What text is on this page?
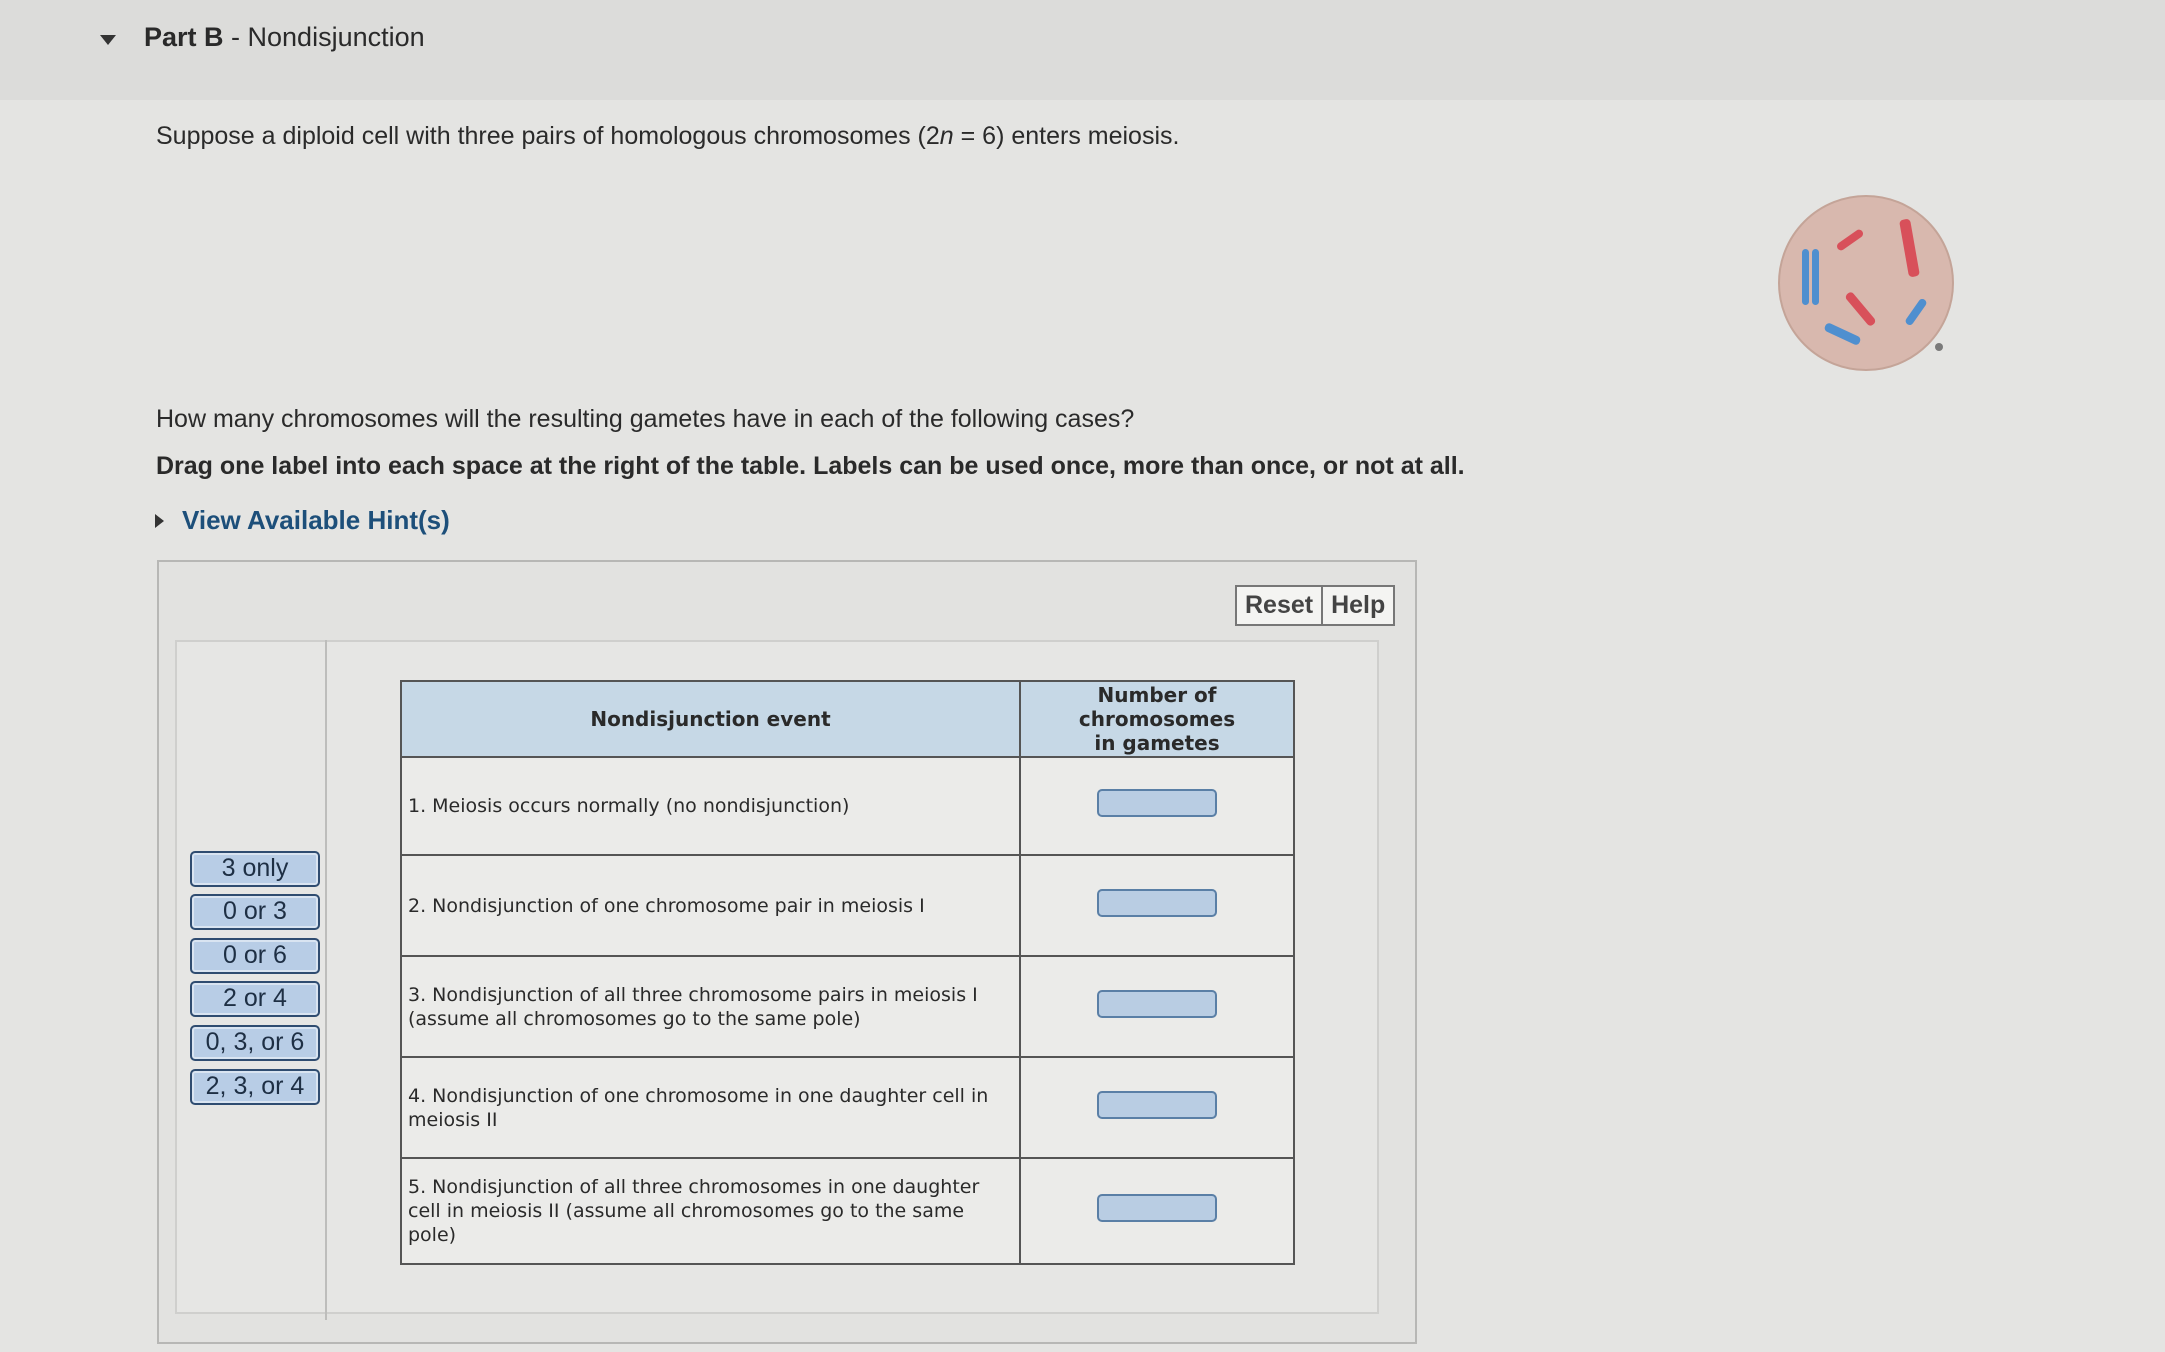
Part B - Nondisjunction
Suppose a diploid cell with three pairs of homologous chromosomes (2n = 6) enters meiosis.
How many chromosomes will the resulting gametes have in each of the following cases?
Drag one label into each space at the right of the table. Labels can be used once, more than once, or not at all.
View Available Hint(s)
Reset Help
3 only
0 or 3
0 or 6
2 or 4
0, 3, or 6
2, 3, or 4
Nondisjunction event	Number of chromosomes
in gametes
1. Meiosis occurs normally (no nondisjunction)	
2. Nondisjunction of one chromosome pair in meiosis I	
3. Nondisjunction of all three chromosome pairs in meiosis I (assume all chromosomes go to the same pole)	
4. Nondisjunction of one chromosome in one daughter cell in meiosis II	
5. Nondisjunction of all three chromosomes in one daughter cell in meiosis II (assume all chromosomes go to the same pole)	
